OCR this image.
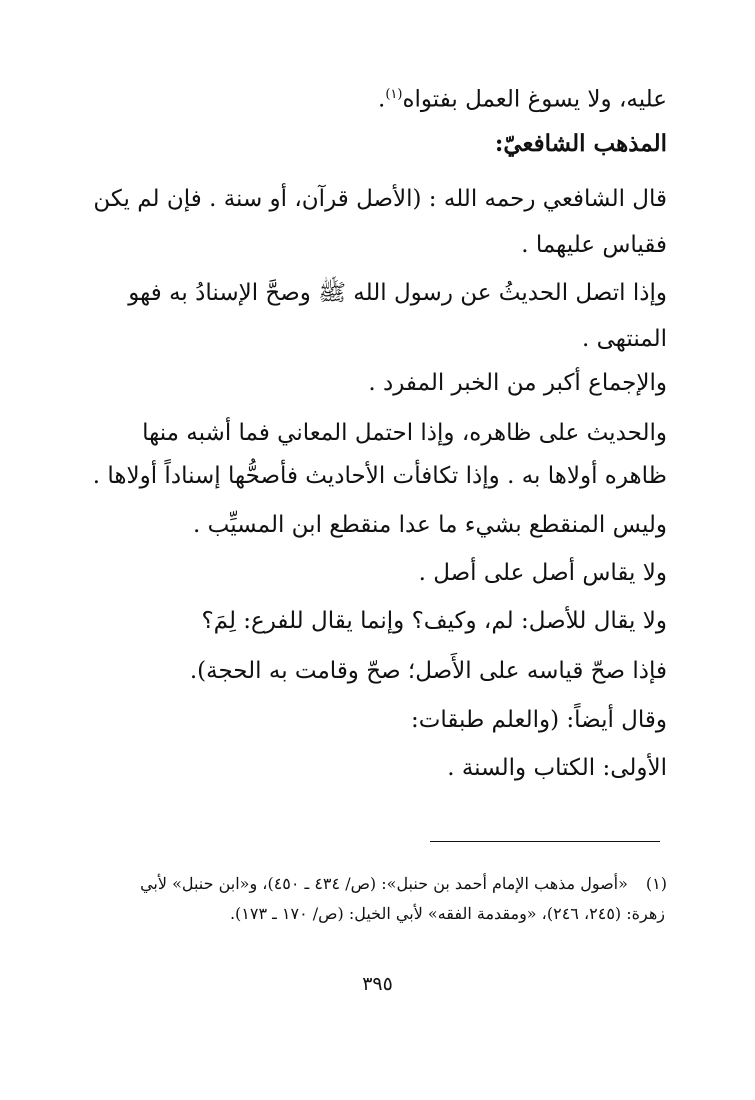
عليه، ولا يسوغ العمل بفتواه$^{(١)}$.
المذهب الشافعيّ:
قال الشافعي رحمه الله : (الأصل قرآن، أو سنة . فإن لم يكن
فقياس عليهما .
وإذا اتصل الحديثُ عن رسول الله ﷺ وصحَّ الإسنادُ به فهو
المنتهى .
والإجماع أكبر من الخبر المفرد .
والحديث على ظاهره، وإذا احتمل المعاني فما أشبه منها
ظاهره أولاها به . وإذا تكافأت الأحاديث فأصحُّها إسناداً أولاها .
وليس المنقطع بشيء ما عدا منقطع ابن المسيِّب .
ولا يقاس أصل على أصل .
ولا يقال للأصل: لم، وكيف؟ وإنما يقال للفرع: لِمَ؟
فإذا صحّ قياسه على الأَصل؛ صحّ وقامت به الحجة).
وقال أيضاً: (والعلم طبقات:
الأولى: الكتاب والسنة .
(١)«أصول مذهب الإمام أحمد بن حنبل»: (ص/ ٤٣٤ ـ ٤٥٠)، و«ابن حنبل» لأبي
زهرة: (٢٤٥، ٢٤٦)، «ومقدمة الفقه» لأبي الخيل: (ص/ ١٧٠ ـ ١٧٣).
٣٩٥
